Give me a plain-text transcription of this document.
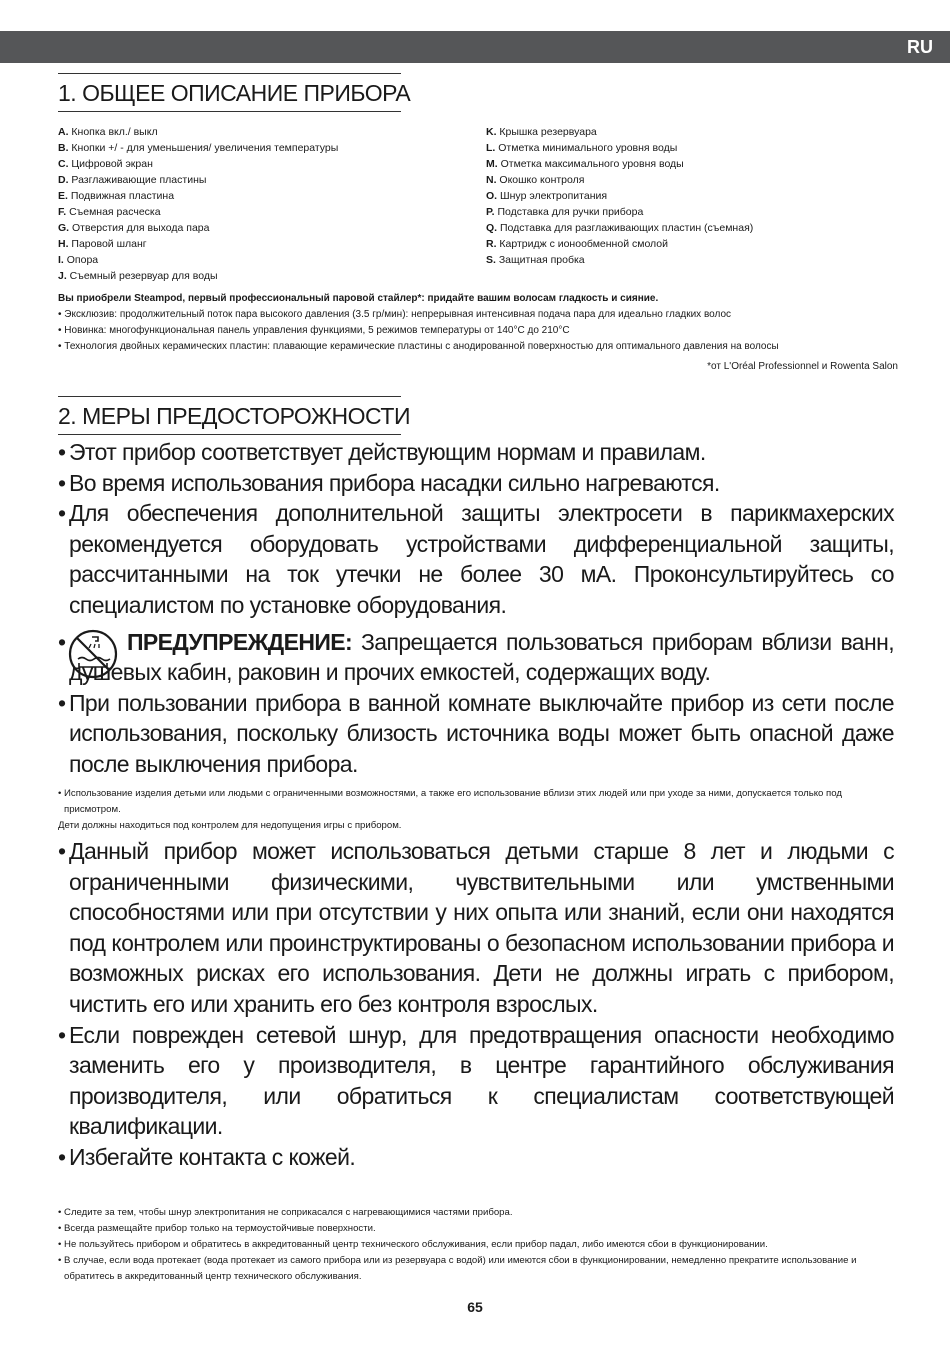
RU
1. ОБЩЕЕ ОПИСАНИЕ ПРИБОРА
A. Кнопка вкл./ выкл
B. Кнопки +/ - для уменьшения/ увеличения температуры
C. Цифровой экран
D. Разглаживающие пластины
E. Подвижная пластина
F. Съемная расческа
G. Отверстия для выхода пара
H. Паровой шланг
I. Опора
J. Съемный резервуар для воды
K. Крышка резервуара
L. Отметка минимального уровня воды
M. Отметка максимального уровня воды
N. Окошко контроля
O. Шнур электропитания
P. Подставка для ручки прибора
Q. Подставка для разглаживающих пластин (съемная)
R. Картридж с ионообменной смолой
S. Защитная пробка
Вы приобрели Steampod, первый профессиональный паровой стайлер*: придайте вашим волосам гладкость и сияние.
• Эксклюзив: продолжительный поток пара высокого давления (3.5 гр/мин): непрерывная интенсивная подача пара для идеально гладких волос
• Новинка: многофункциональная панель управления функциями, 5 режимов температуры от 140°C до 210°C
• Технология двойных керамических пластин: плавающие керамические пластины с анодированной поверхностью для оптимального давления на волосы
*от L'Oréal Professionnel и Rowenta Salon
2. МЕРЫ ПРЕДОСТОРОЖНОСТИ
• Этот прибор соответствует действующим нормам и правилам.
• Во время использования прибора насадки сильно нагреваются.
• Для обеспечения дополнительной защиты электросети в парикмахерских рекомендуется оборудовать устройствами дифференциальной защиты, рассчитанными на ток утечки не более 30 мА. Проконсультируйтесь со специалистом по установке оборудования.
•	ПРЕДУПРЕЖДЕНИЕ: Запрещается пользоваться приборам вблизи ванн, душевых кабин, раковин и прочих емкостей, содержащих воду.
• При пользовании прибора в ванной комнате выключайте прибор из сети после использования, поскольку близость источника воды может быть опасной даже после выключения прибора.
• Использование изделия детьми или людьми с ограниченными возможностями, а также его использование вблизи этих людей или при уходе за ними, допускается только под присмотром.
Дети должны находиться под контролем для недопущения игры с прибором.
• Данный прибор может использоваться детьми старше 8 лет и людьми с ограниченными физическими, чувствительными или умственными способностями или при отсутствии у них опыта или знаний, если они находятся под контролем или проинструктированы о безопасном использовании прибора и возможных рисках его использования. Дети не должны играть с прибором, чистить его или хранить его без контроля взрослых.
• Если поврежден сетевой шнур, для предотвращения опасности необходимо заменить его у производителя, в центре гарантийного обслуживания производителя, или обратиться к специалистам соответствующей квалификации.
• Избегайте контакта с кожей.
• Следите за тем, чтобы шнур электропитания не соприкасался с нагревающимися частями прибора.
• Всегда размещайте прибор только на термоустойчивые поверхности.
• Не пользуйтесь прибором и обратитесь в аккредитованный центр технического обслуживания, если прибор падал, либо имеются сбои в функционировании.
• В случае, если вода протекает (вода протекает из самого прибора или из резервуара с водой) или имеются сбои в функционировании, немедленно прекратите использование и обратитесь в аккредитованный центр технического обслуживания.
65
